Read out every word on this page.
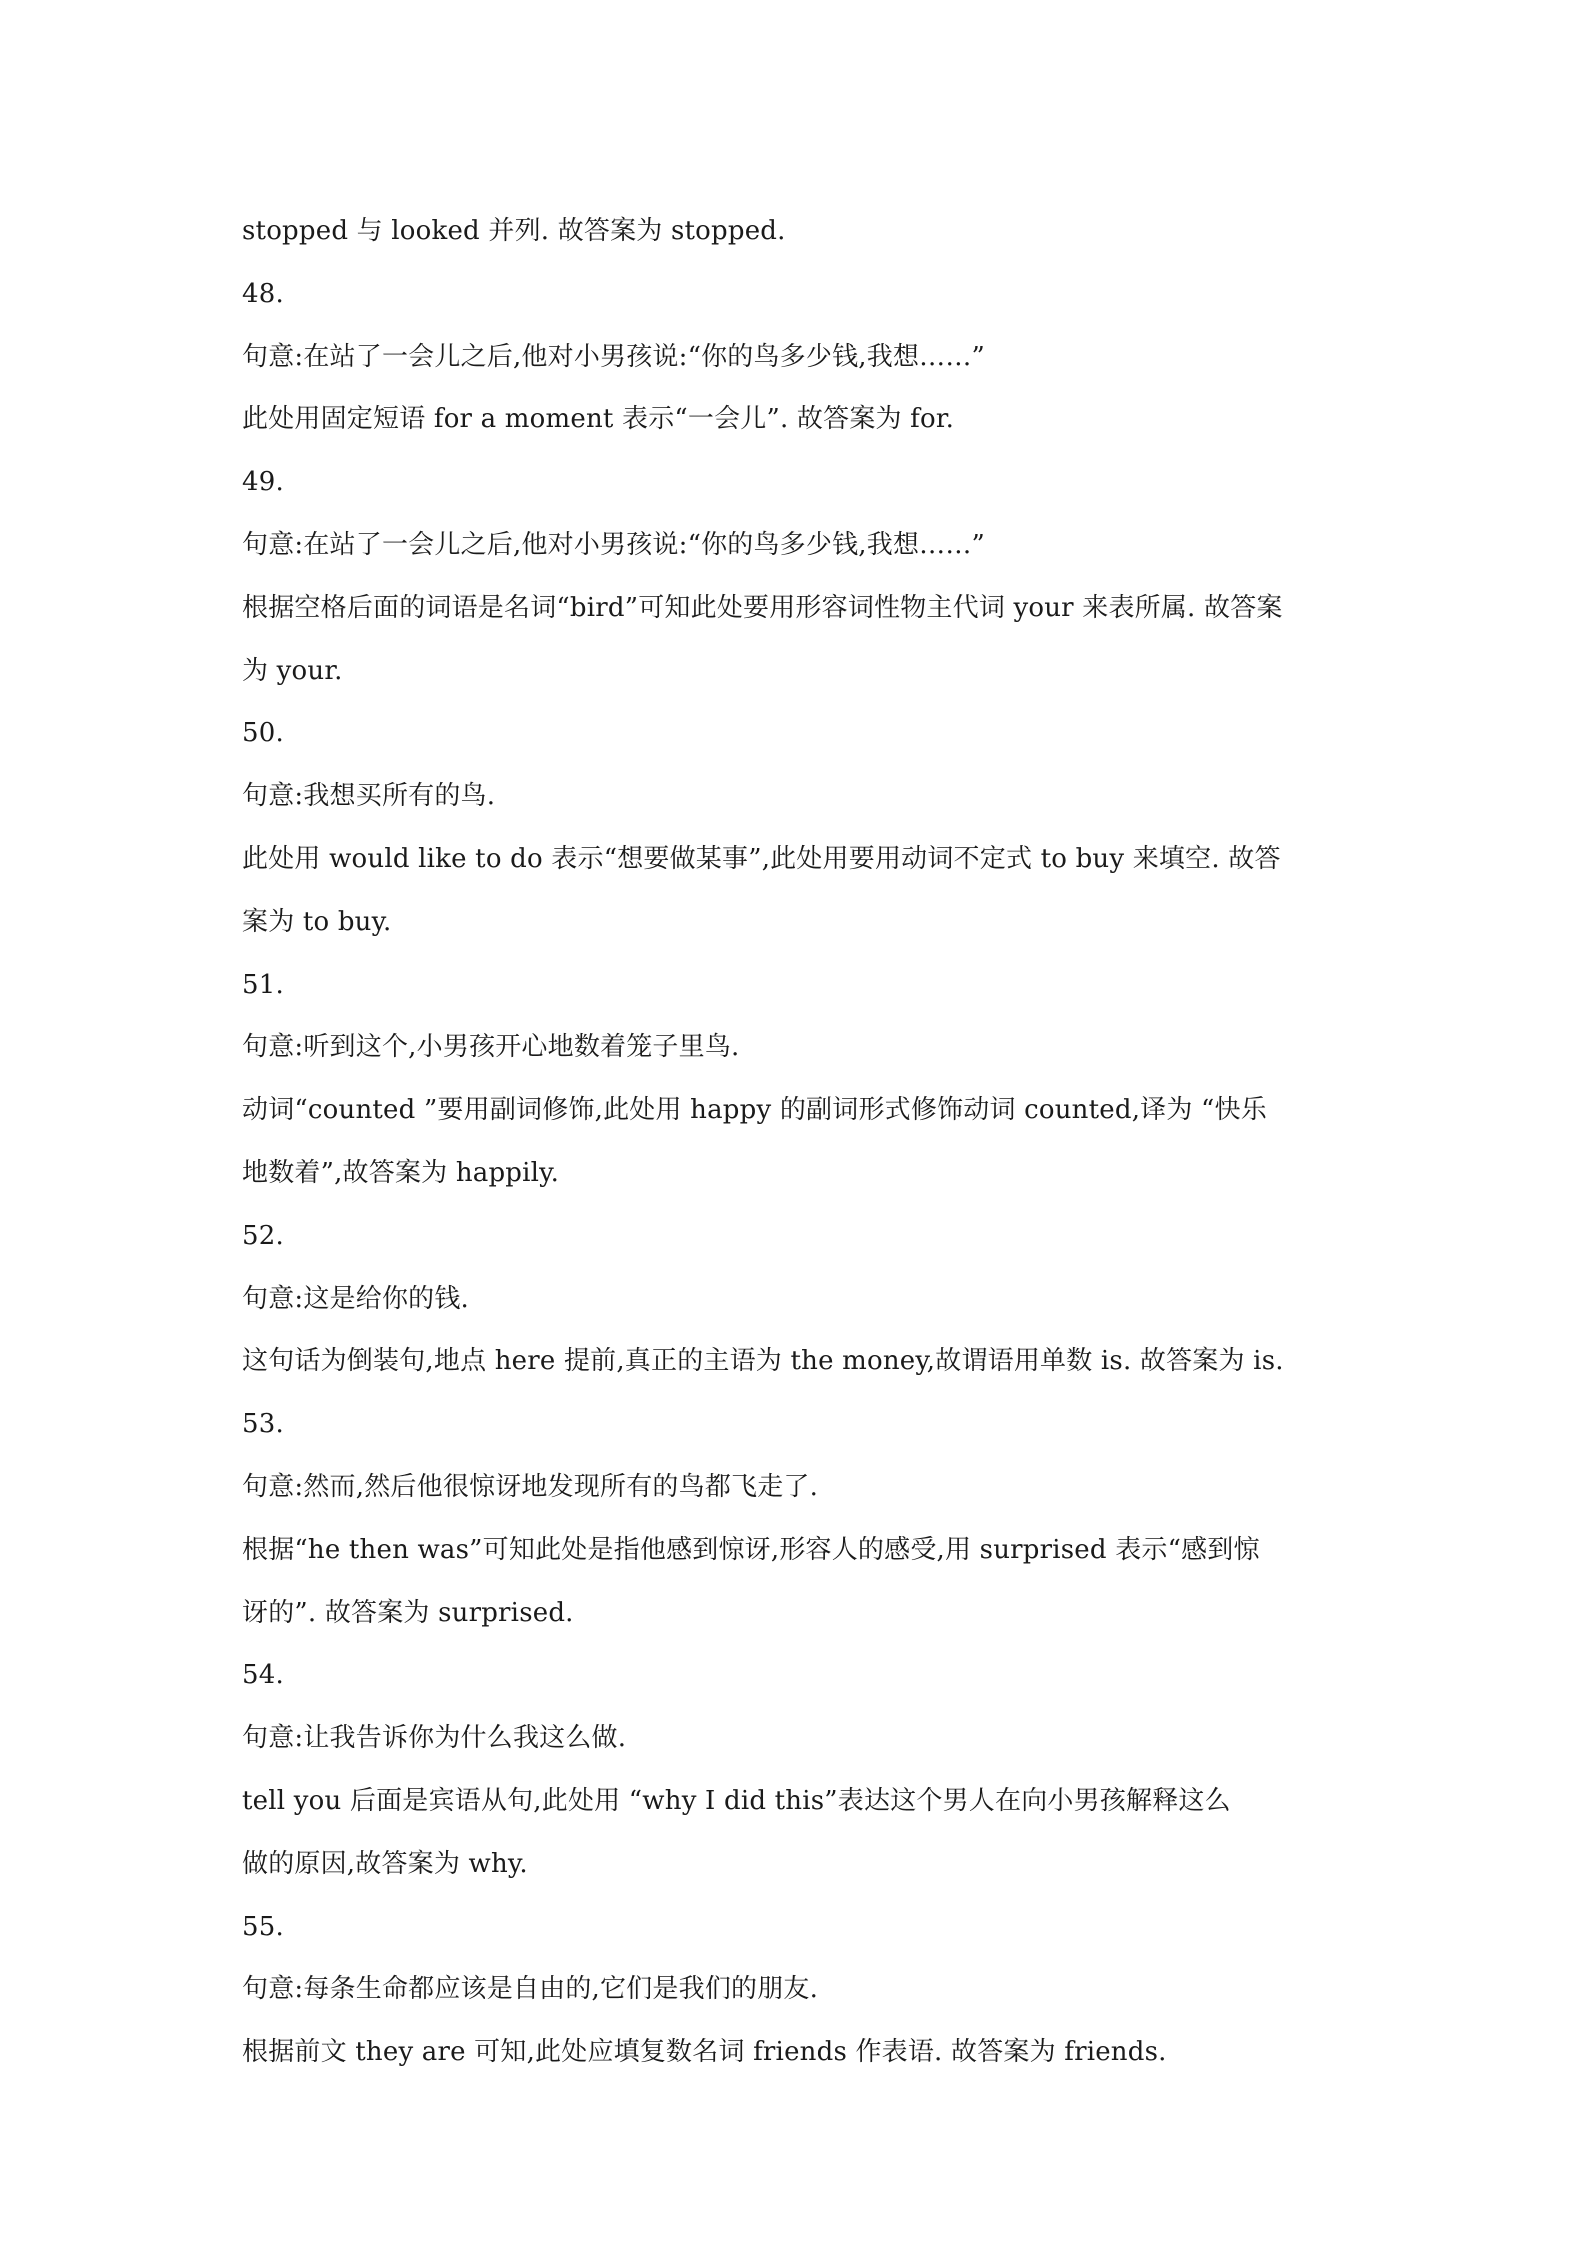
stopped 与 looked 并列. 故答案为 stopped.
48.
句意:在站了一会儿之后,他对小男孩说:“你的鸟多少钱,我想……”
此处用固定短语 for a moment 表示“一会儿”. 故答案为 for.
49.
句意:在站了一会儿之后,他对小男孩说:“你的鸟多少钱,我想……”
根据空格后面的词语是名词“bird”可知此处要用形容词性物主代词 your 来表所属. 故答案
为 your.
50.
句意:我想买所有的鸟.
此处用 would like to do 表示“想要做某事”,此处用要用动词不定式 to buy 来填空. 故答
案为 to buy.
51.
句意:听到这个,小男孩开心地数着笼子里鸟.
动词“counted ”要用副词修饰,此处用 happy 的副词形式修饰动词 counted,译为 “快乐
地数着”,故答案为 happily.
52.
句意:这是给你的钱.
这句话为倒装句,地点 here 提前,真正的主语为 the money,故谓语用单数 is. 故答案为 is.
53.
句意:然而,然后他很惊讶地发现所有的鸟都飞走了.
根据“he then was”可知此处是指他感到惊讶,形容人的感受,用 surprised 表示“感到惊
讶的”. 故答案为 surprised.
54.
句意:让我告诉你为什么我这么做.
tell you 后面是宾语从句,此处用 “why I did this”表达这个男人在向小男孩解释这么
做的原因,故答案为 why.
55.
句意:每条生命都应该是自由的,它们是我们的朋友.
根据前文 they are 可知,此处应填复数名词 friends 作表语. 故答案为 friends.
